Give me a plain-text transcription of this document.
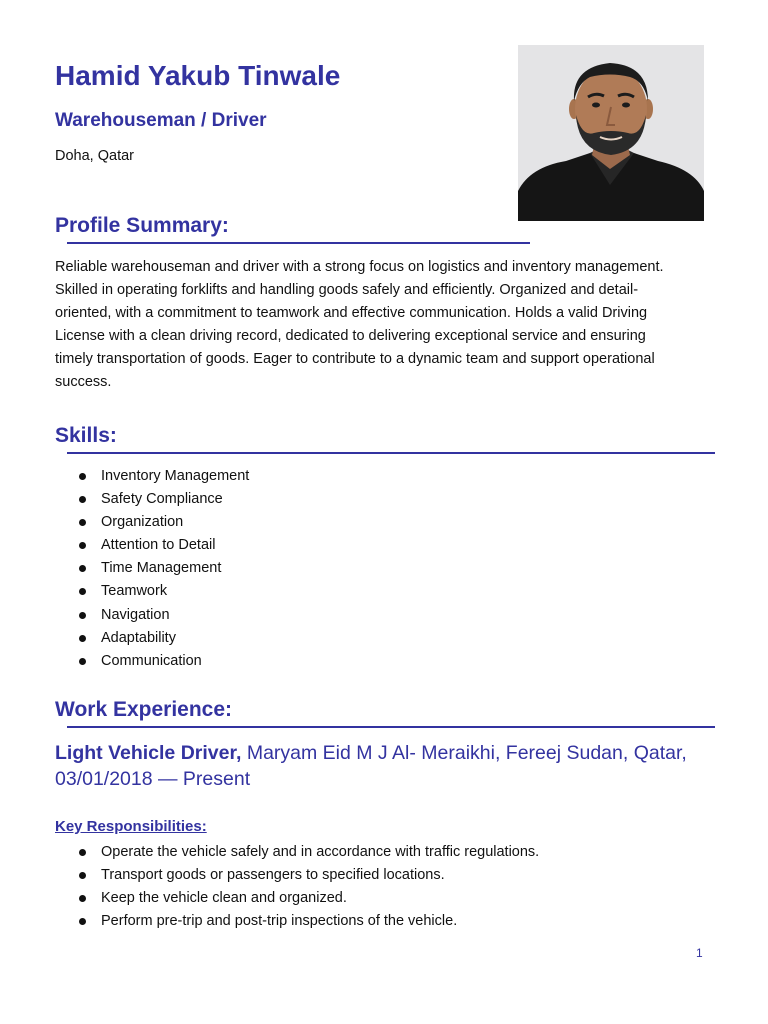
Hamid Yakub Tinwale
Warehouseman / Driver
Doha, Qatar
Profile Summary:

Reliable warehouseman and driver with a strong focus on logistics and inventory management. Skilled in operating forklifts and handling goods safely and efficiently. Organized and detail-oriented, with a commitment to teamwork and effective communication. Holds a valid Driving License with a clean driving record, dedicated to delivering exceptional service and ensuring timely transportation of goods. Eager to contribute to a dynamic team and support operational success.

Skills:
Inventory Management
Safety Compliance
Organization
Attention to Detail
Time Management
Teamwork
Navigation
Adaptability
Communication
Work Experience:
Light Vehicle Driver, Maryam Eid M J Al- Meraikhi, Fereej Sudan, Qatar, 03/01/2018 — Present
Key Responsibilities:
Operate the vehicle safely and in accordance with traffic regulations.
Transport goods or passengers to specified locations.
Keep the vehicle clean and organized.
Perform pre-trip and post-trip inspections of the vehicle.
1
